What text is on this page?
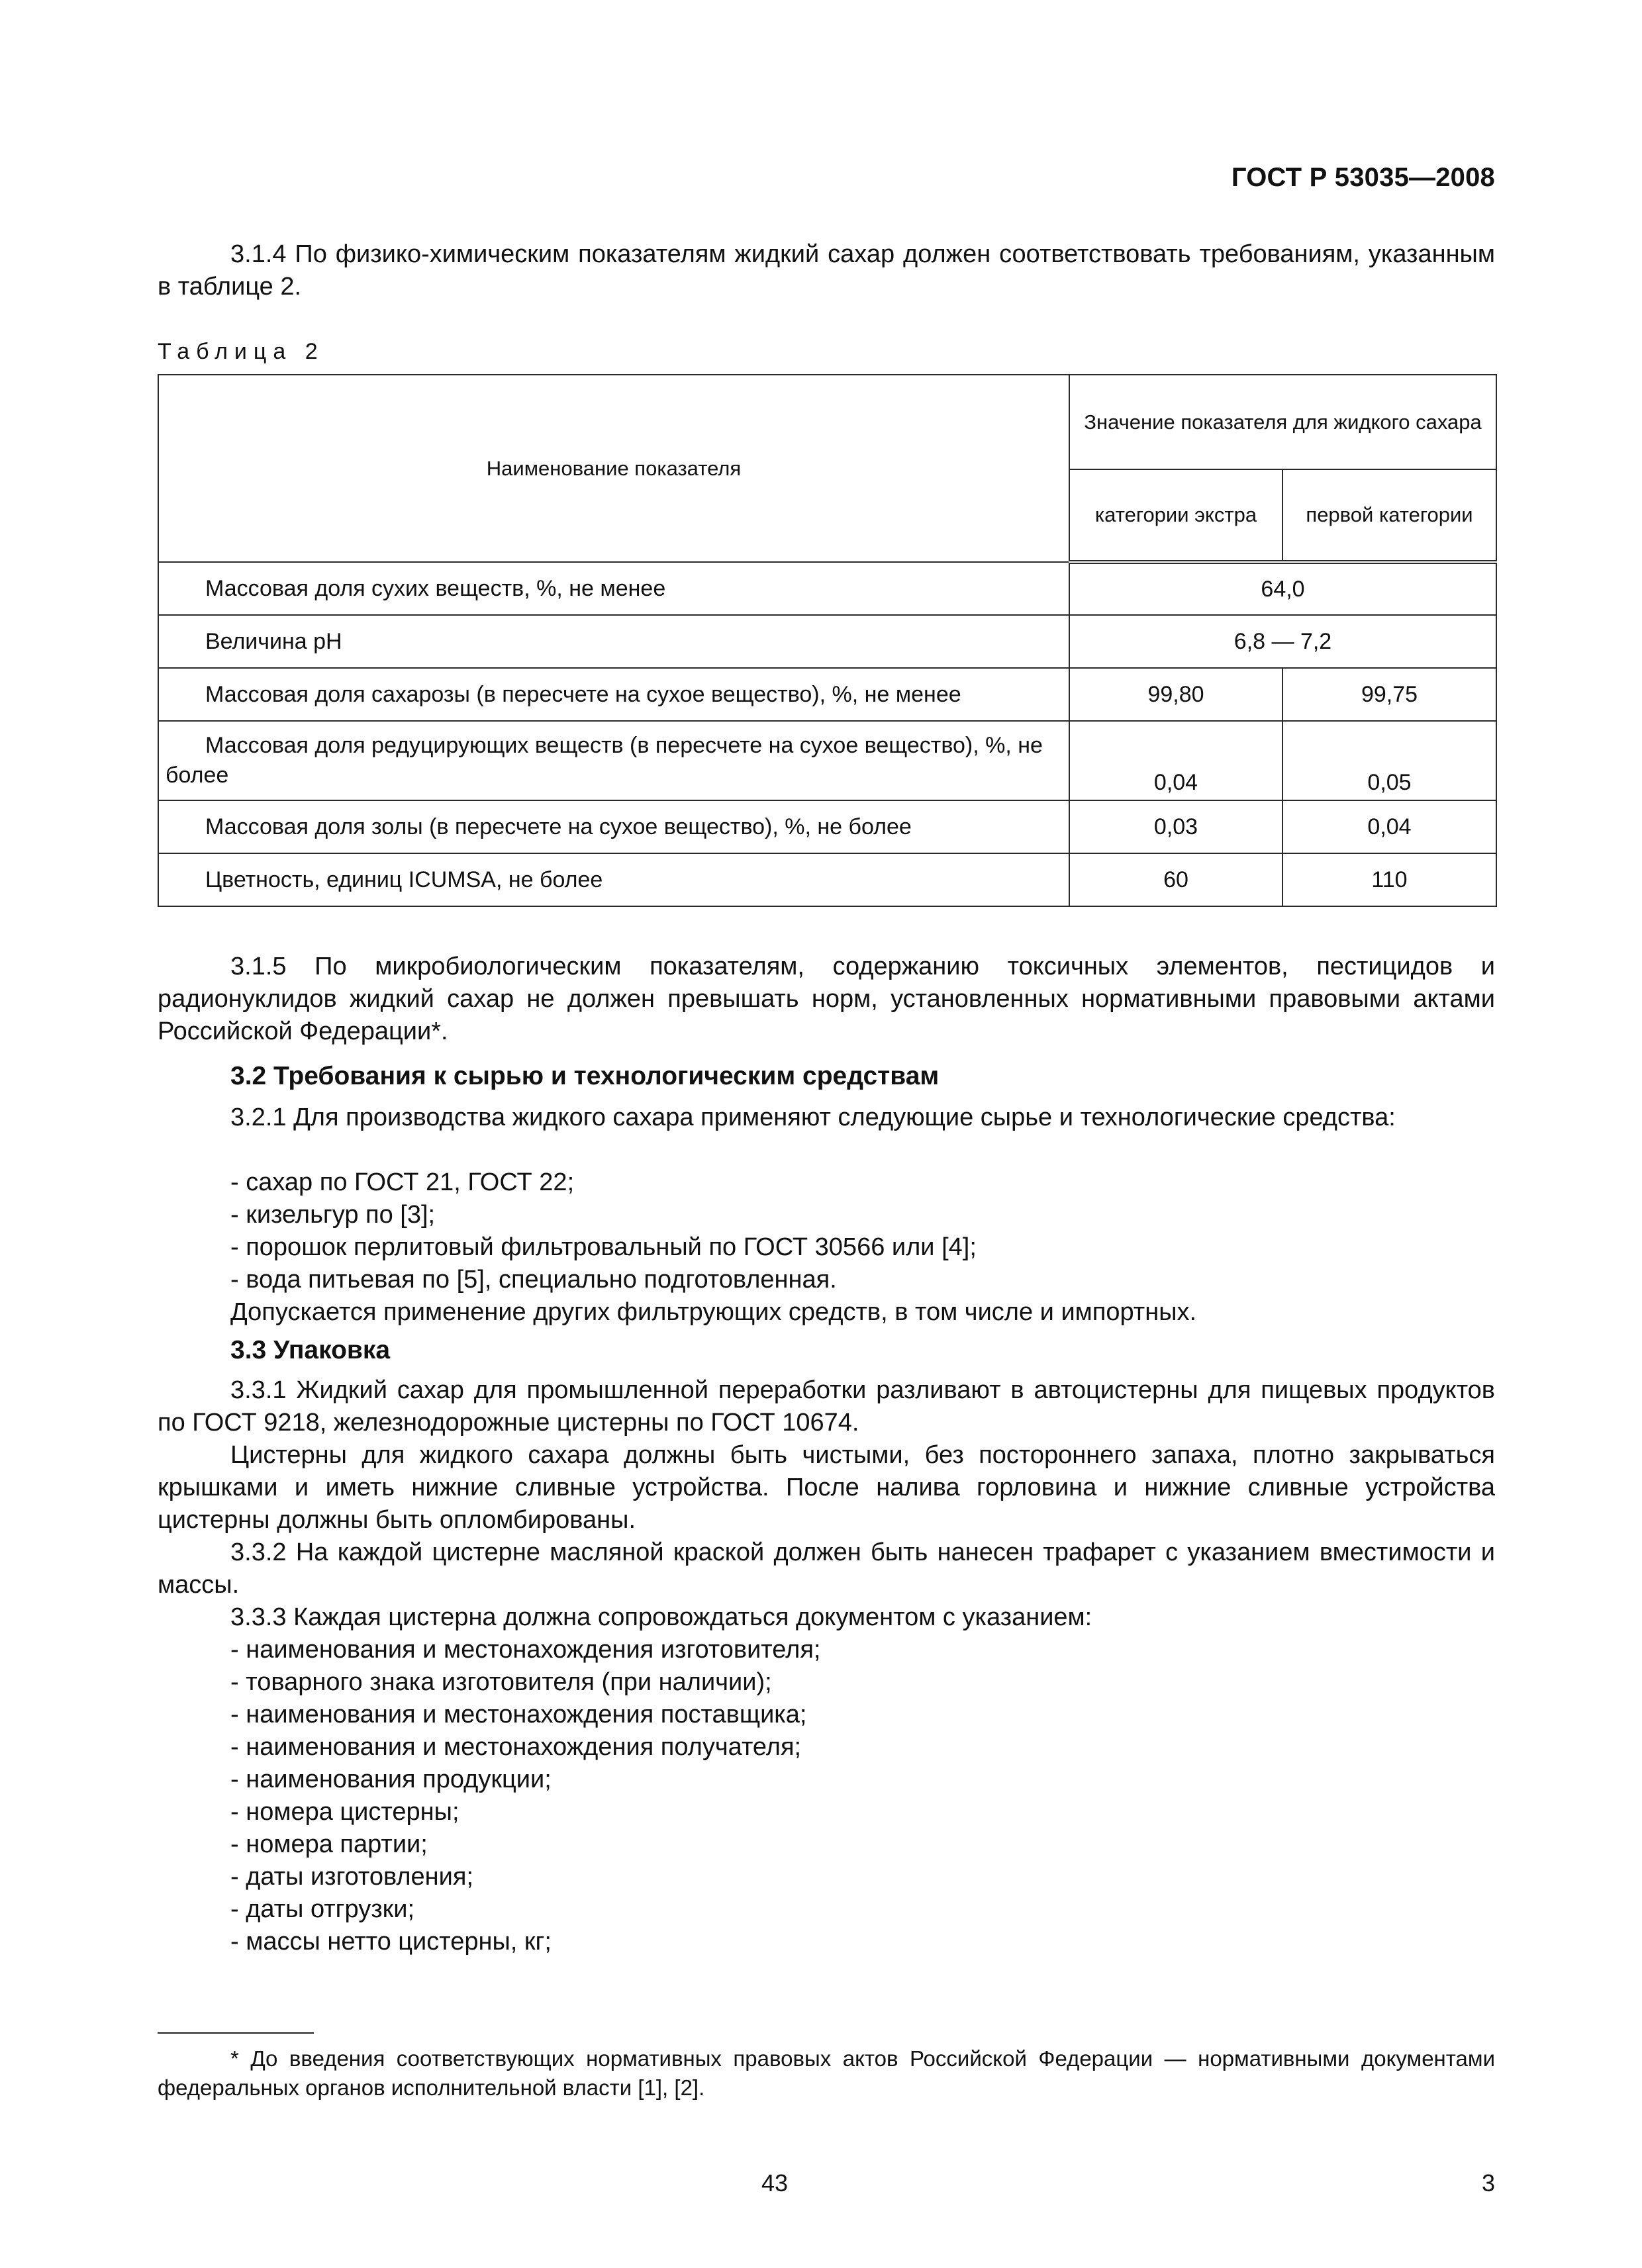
ГОСТ Р 53035—2008

3.1.4 По физико-химическим показателям жидкий сахар должен соответствовать требованиям, указанным в таблице 2.

Таблица 2
Наименование показателя	Значение показателя для жидкого сахара	
	категории экстра	первой категории
Массовая доля сухих веществ, %, не менее	64,0	
Величина pH	6,8 — 7,2	
Массовая доля сахарозы (в пересчете на сухое вещество), %, не менее	99,80	99,75
Массовая доля редуцирующих веществ (в пересчете на сухое вещество), %, не более	0,04	0,05
Массовая доля золы (в пересчете на сухое вещество), %, не более	0,03	0,04
Цветность, единиц ICUMSA, не более	60	110

3.1.5 По микробиологическим показателям, содержанию токсичных элементов, пестицидов и радионуклидов жидкий сахар не должен превышать норм, установленных нормативными правовыми актами Российской Федерации*.

3.2 Требования к сырью и технологическим средствам

3.2.1 Для производства жидкого сахара применяют следующие сырье и технологические средства:

- сахар по ГОСТ 21, ГОСТ 22;
- кизельгур по [3];
- порошок перлитовый фильтровальный по ГОСТ 30566 или [4];
- вода питьевая по [5], специально подготовленная.
Допускается применение других фильтрующих средств, в том числе и импортных.
3.3 Упаковка

3.3.1 Жидкий сахар для промышленной переработки разливают в автоцистерны для пищевых продуктов по ГОСТ 9218, железнодорожные цистерны по ГОСТ 10674.

Цистерны для жидкого сахара должны быть чистыми, без постороннего запаха, плотно закрываться крышками и иметь нижние сливные устройства. После налива горловина и нижние сливные устройства цистерны должны быть опломбированы.

3.3.2 На каждой цистерне масляной краской должен быть нанесен трафарет с указанием вместимости и массы.

3.3.3 Каждая цистерна должна сопровождаться документом с указанием:

- наименования и местонахождения изготовителя;
- товарного знака изготовителя (при наличии);
- наименования и местонахождения поставщика;
- наименования и местонахождения получателя;
- наименования продукции;
- номера цистерны;
- номера партии;
- даты изготовления;
- даты отгрузки;
- массы нетто цистерны, кг;

* До введения соответствующих нормативных правовых актов Российской Федерации — нормативными документами федеральных органов исполнительной власти [1], [2].

43	3
